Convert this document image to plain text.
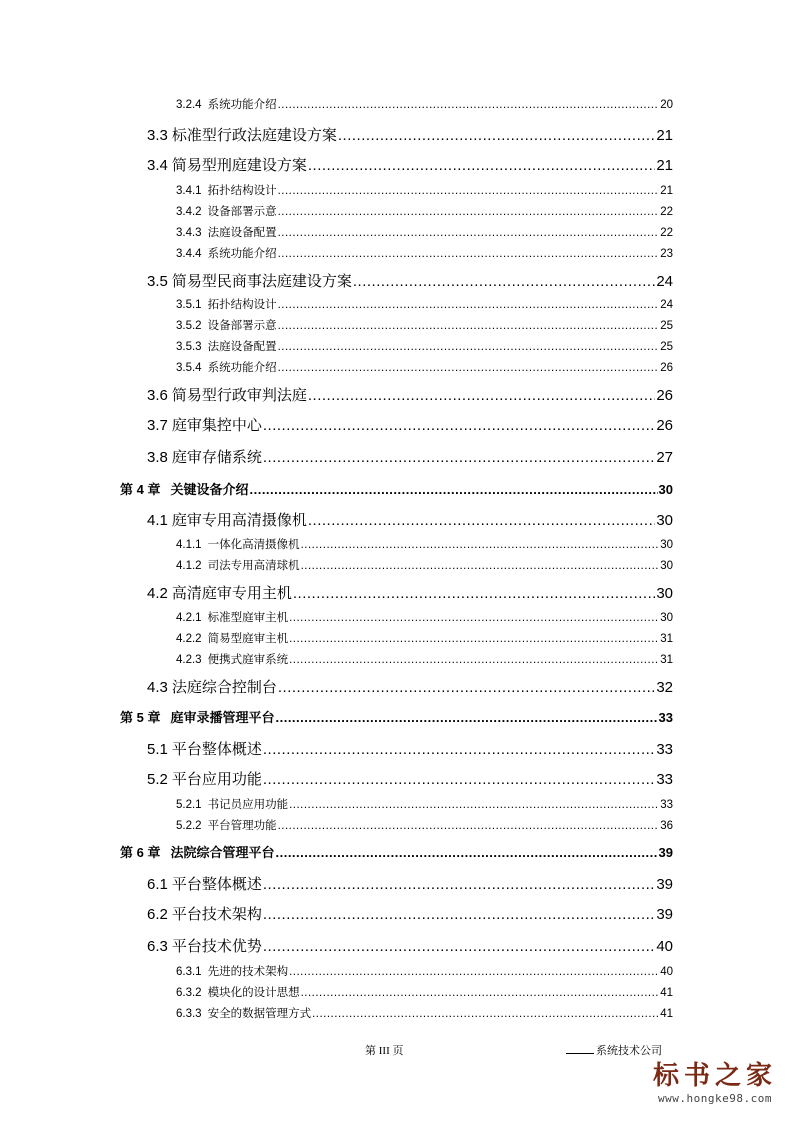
3.2.4 系统功能介绍 .....	20
3.3 标准型行政法庭建设方案 .....	21
3.4 简易型刑庭建设方案 .....	21
3.4.1 拓扑结构设计 .....	21
3.4.2 设备部署示意 .....	22
3.4.3 法庭设备配置 .....	22
3.4.4 系统功能介绍 .....	23
3.5 简易型民商事法庭建设方案 .....	24
3.5.1 拓扑结构设计 .....	24
3.5.2 设备部署示意 .....	25
3.5.3 法庭设备配置 .....	25
3.5.4 系统功能介绍 .....	26
3.6 简易型行政审判法庭 .....	26
3.7 庭审集控中心 .....	26
3.8 庭审存储系统 .....	27
第 4 章 关键设备介绍 .....	30
4.1 庭审专用高清摄像机 .....	30
4.1.1 一体化高清摄像机 .....	30
4.1.2 司法专用高清球机 .....	30
4.2 高清庭审专用主机 .....	30
4.2.1 标准型庭审主机 .....	30
4.2.2 简易型庭审主机 .....	31
4.2.3 便携式庭审系统 .....	31
4.3 法庭综合控制台 .....	32
第 5 章 庭审录播管理平台 .....	33
5.1 平台整体概述 .....	33
5.2 平台应用功能 .....	33
5.2.1 书记员应用功能 .....	33
5.2.2 平台管理功能 .....	36
第 6 章 法院综合管理平台 .....	39
6.1 平台整体概述 .....	39
6.2 平台技术架构 .....	39
6.3 平台技术优势 .....	40
6.3.1 先进的技术架构 .....	40
6.3.2 模块化的设计思想 .....	41
6.3.3 安全的数据管理方式 .....	41
第 III 页	系统技术公司
标书之家
www.hongke98.com
